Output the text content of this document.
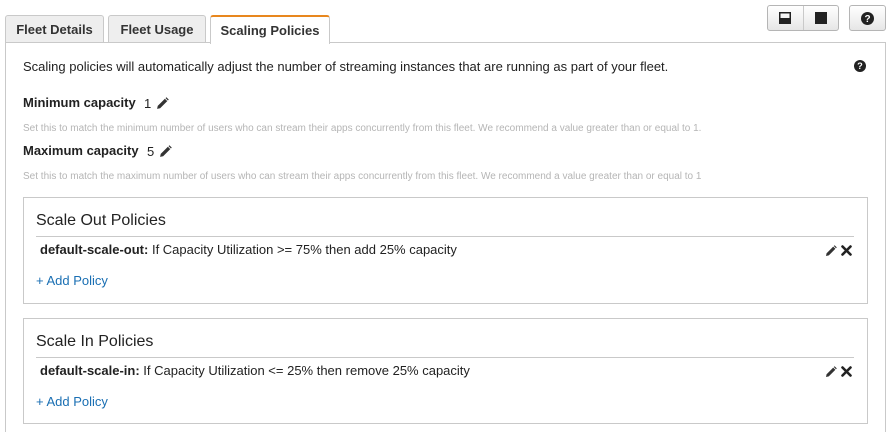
Fleet Details Fleet Usage Scaling Policies
?
Scaling policies will automatically adjust the number of streaming instances that are running as part of your fleet.	?
Minimum capacity 1
Set this to match the minimum number of users who can stream their apps concurrently from this fleet. We recommend a value greater than or equal to 1.
Maximum capacity 5
Set this to match the maximum number of users who can stream their apps concurrently from this fleet. We recommend a value greater than or equal to 1
Scale Out Policies
default-scale-out: If Capacity Utilization >= 75% then add 25% capacity
+ Add Policy
Scale In Policies
default-scale-in: If Capacity Utilization <= 25% then remove 25% capacity
+ Add Policy
